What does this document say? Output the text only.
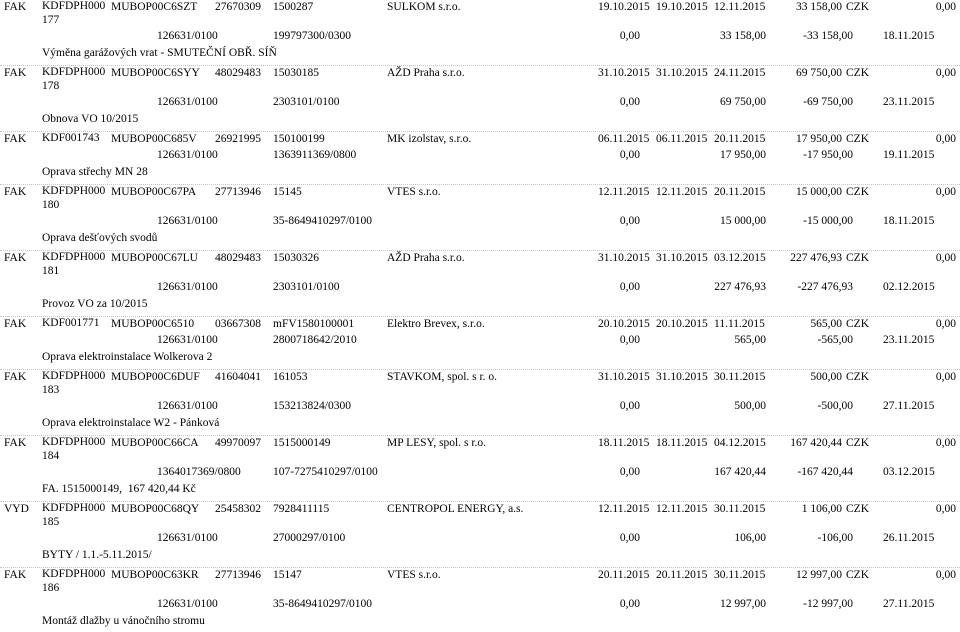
FAK KDFDPH000 177
MUBOP00C6SZT 27670309 1500287	SULKOM s.r.o.	19.10.2015 19.10.2015 12.11.2015	33 158,00 CZK	0,00
126631/0100	199797300/0300	0,00	33 158,00	-33 158,00	18.11.2015
Výměna garážových vrat - SMUTEČNÍ OBŘ. SÍŇ
FAK KDFDPH000 178
MUBOP00C6SYY 48029483 15030185	AŽD Praha s.r.o.	31.10.2015 31.10.2015 24.11.2015	69 750,00 CZK	0,00
126631/0100	2303101/0100	0,00	69 750,00	-69 750,00	23.11.2015
Obnova VO 10/2015
FAK KDF001743 MUBOP00C685V 26921995 150100199	MK izolstav, s.r.o.	06.11.2015 06.11.2015 20.11.2015	17 950,00 CZK	0,00
126631/0100	1363911369/0800	0,00	17 950,00	-17 950,00	19.11.2015
Oprava střechy MN 28
FAK KDFDPH000 180
MUBOP00C67PA 27713946 15145	VTES s.r.o.	12.11.2015 12.11.2015 20.11.2015	15 000,00 CZK	0,00
126631/0100	35-8649410297/0100	0,00	15 000,00	-15 000,00	18.11.2015
Oprava dešťových svodů
FAK KDFDPH000 181
MUBOP00C67LU 48029483 15030326	AŽD Praha s.r.o.	31.10.2015 31.10.2015 03.12.2015 227 476,93 CZK	0,00
126631/0100	2303101/0100	0,00	227 476,93	-227 476,93	02.12.2015
Provoz VO za 10/2015
FAK KDF001771 MUBOP00C6510 03667308 mFV1580100001	Elektro Brevex, s.r.o.	20.10.2015 20.10.2015 11.11.2015	565,00 CZK	0,00
126631/0100	2800718642/2010	0,00	565,00	-565,00	23.11.2015
Oprava elektroinstalace Wolkerova 2
FAK KDFDPH000 183
MUBOP00C6DUF 41604041 161053	STAVKOM, spol. s r. o.	31.10.2015 31.10.2015 30.11.2015	500,00 CZK	0,00
126631/0100	153213824/0300	0,00	500,00	-500,00	27.11.2015
Oprava elektroinstalace W2 - Pánková
FAK KDFDPH000 184
MUBOP00C66CA 49970097 1515000149	MP LESY, spol. s r.o.	18.11.2015 18.11.2015 04.12.2015 167 420,44 CZK	0,00
1364017369/0800	107-7275410297/0100	0,00	167 420,44	-167 420,44	03.12.2015
FA. 1515000149,  167 420,44 Kč
VYD KDFDPH000 185
MUBOP00C68QY 25458302 7928411115	CENTROPOL ENERGY, a.s.	12.11.2015 12.11.2015 30.11.2015	1 106,00 CZK	0,00
126631/0100	27000297/0100	0,00	106,00	-106,00	26.11.2015
BYTY / 1.1.-5.11.2015/
FAK KDFDPH000 186
MUBOP00C63KR 27713946 15147	VTES s.r.o.	20.11.2015 20.11.2015 30.11.2015	12 997,00 CZK	0,00
126631/0100	35-8649410297/0100	0,00	12 997,00	-12 997,00	27.11.2015
Montáž dlažby u vánočního stromu
